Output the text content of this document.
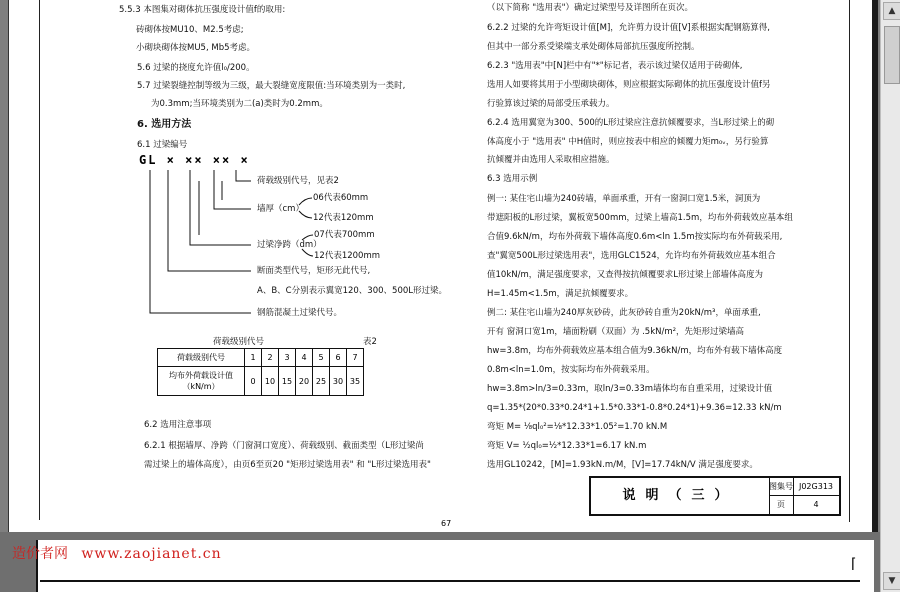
5.5.3 本图集对砌体抗压强度设计值f的取用:
砖砌体按MU10、M2.5考虑;
小砌块砌体按MU5, Mb5考虑。
5.6 过梁的挠度允许值l₀/200。
5.7 过梁裂缝控制等级为三级，最大裂缝宽度限值:当环境类别为一类时,
为0.3mm;当环境类别为二(a)类时为0.2mm。
6. 选用方法
6.1 过梁编号
GL × ×× ×× ×
荷载级别代号，见表2
墙厚（cm）
06代表60mm
12代表120mm
过梁净跨（dm）
07代表700mm
12代表1200mm
断面类型代号，矩形无此代号,
A、B、C分别表示翼宽120、300、500L形过梁。
钢筋混凝土过梁代号。
荷载级别代号	表2
6.2 选用注意事项
6.2.1 根据墙厚、净跨（门窗洞口宽度）、荷载级别、截面类型（L形过梁尚
需过梁上的墙体高度），由页6至页20 "矩形过梁选用表" 和 "L形过梁选用表"
（以下简称 "选用表"）确定过梁型号及详图所在页次。
6.2.2 过梁的允许弯矩设计值[M]，允许剪力设计值[V]系根据实配钢筋算得,
但其中一部分系受梁端支承处砌体局部抗压强度所控制。
6.2.3 "选用表"中[N]栏中有"*"标记者，表示该过梁仅适用于砖砌体,
选用人如要将其用于小型砌块砌体，则应根据实际砌体的抗压强度设计值f另
行验算该过梁的局部受压承载力。
6.2.4 选用翼宽为300、500的L形过梁应注意抗倾覆要求，当L形过梁上的砌
体高度小于 "选用表" 中H值时，则应按表中相应的倾覆力矩m₀ᵥ，另行验算
抗倾覆并由选用人采取相应措施。
6.3 选用示例
例一: 某住宅山墙为240砖墙，单面承重，开有一窗洞口宽1.5米，洞顶为
带遮阳板的L形过梁，翼板宽500mm，过梁上墙高1.5m，均布外荷载效应基本组
合值9.6kN/m，均布外荷载下墙体高度0.6m<ln 1.5m按实际均布外荷载采用,
查"翼宽500L形过梁选用表"，选用GLC1524，允许均布外荷载效应基本组合
值10kN/m，满足强度要求，又查得按抗倾覆要求L形过梁上部墙体高度为
H=1.45m<1.5m，满足抗倾覆要求。
例二: 某住宅山墙为240厚灰砂砖，此灰砂砖自重为20kN/m³，单面承重,
开有 窗洞口宽1m，墙面粉刷（双面）为 .5kN/m²，先矩形过梁墙高
hw=3.8m，均布外荷载效应基本组合值为9.36kN/m，均布外有载下墙体高度
0.8m<ln=1.0m，按实际均布外荷载采用。
hw=3.8m>ln/3=0.33m，取ln/3=0.33m墙体均布自重采用，过梁设计值
q=1.35*(20*0.33*0.24*1+1.5*0.33*1-0.8*0.24*1)+9.36=12.33 kN/m
弯矩 M= ⅛ql₀²=⅛*12.33*1.05²=1.70 kN.M
弯矩 V= ½ql₀=½*12.33*1=6.17 kN.m
选用GL10242，[M]=1.93kN.m/M，[V]=17.74kN/V 满足强度要求。
说明（三）
图集号 J02G313
页	4
67
荷载级别代号	1	2	3	4	5	6	7
均布外荷载设计值
（kN/m）	0	10	15	20	25	30	35
造价者网 www.zaojianet.cn
⌈
▲
▼
